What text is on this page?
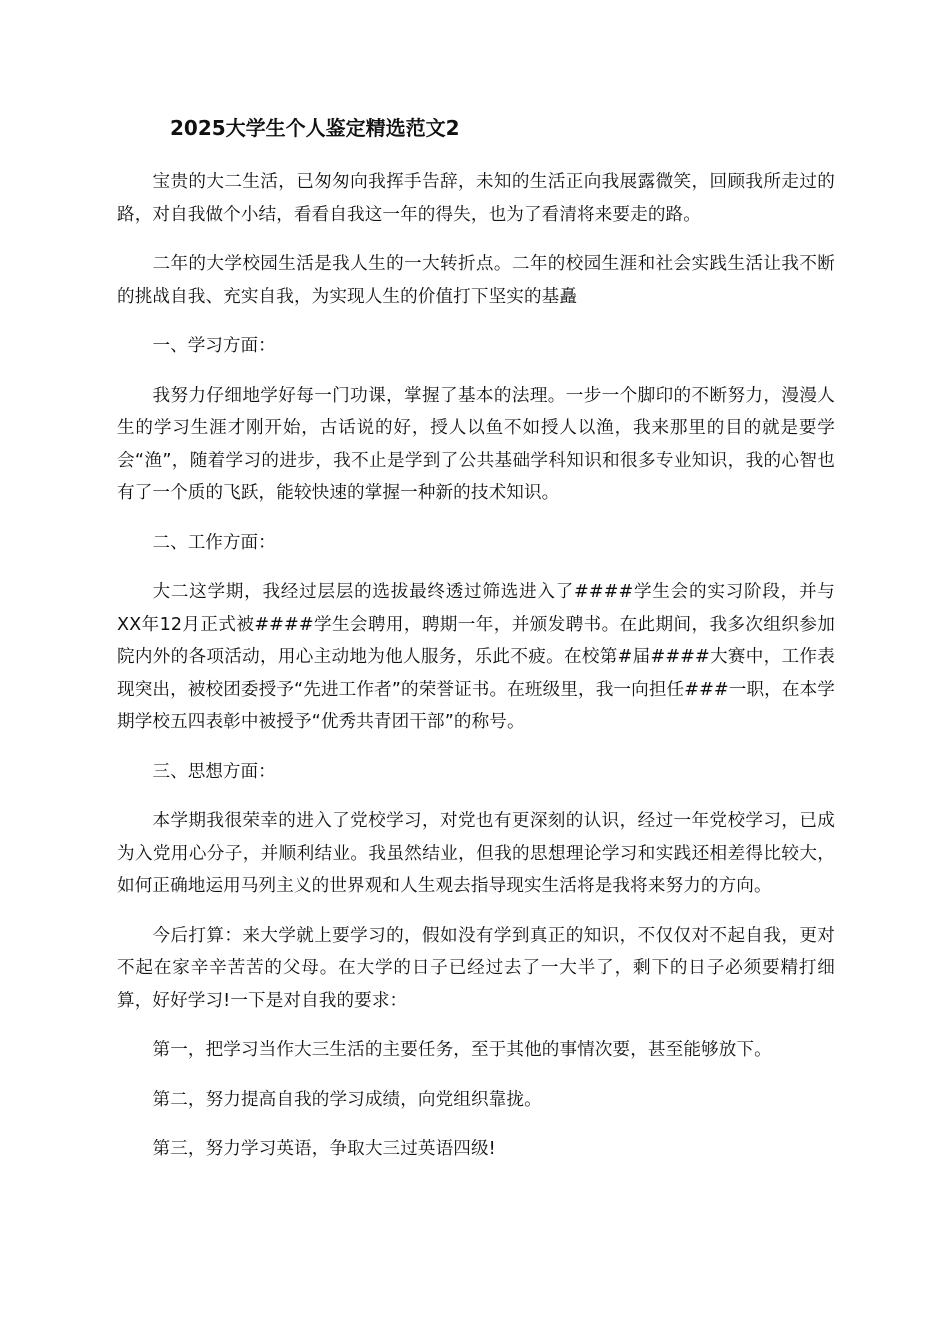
2025大学生个人鉴定精选范文2

宝贵的大二生活，已匆匆向我挥手告辞，未知的生活正向我展露微笑，回顾我所走过的路，对自我做个小结，看看自我这一年的得失，也为了看清将来要走的路。

二年的大学校园生活是我人生的一大转折点。二年的校园生涯和社会实践生活让我不断的挑战自我、充实自我，为实现人生的价值打下坚实的基矗

一、学习方面：

我努力仔细地学好每一门功课，掌握了基本的法理。一步一个脚印的不断努力，漫漫人生的学习生涯才刚开始，古话说的好，授人以鱼不如授人以渔，我来那里的目的就是要学会“渔”，随着学习的进步，我不止是学到了公共基础学科知识和很多专业知识，我的心智也有了一个质的飞跃，能较快速的掌握一种新的技术知识。

二、工作方面：

大二这学期，我经过层层的选拔最终透过筛选进入了####学生会的实习阶段，并与XX年12月正式被####学生会聘用，聘期一年，并颁发聘书。在此期间，我多次组织参加院内外的各项活动，用心主动地为他人服务，乐此不疲。在校第#届####大赛中，工作表现突出，被校团委授予“先进工作者”的荣誉证书。在班级里，我一向担任###一职，在本学期学校五四表彰中被授予“优秀共青团干部”的称号。

三、思想方面：

本学期我很荣幸的进入了党校学习，对党也有更深刻的认识，经过一年党校学习，已成为入党用心分子，并顺利结业。我虽然结业，但我的思想理论学习和实践还相差得比较大，如何正确地运用马列主义的世界观和人生观去指导现实生活将是我将来努力的方向。

今后打算：来大学就上要学习的，假如没有学到真正的知识，不仅仅对不起自我，更对不起在家辛辛苦苦的父母。在大学的日子已经过去了一大半了，剩下的日子必须要精打细算，好好学习!一下是对自我的要求：

第一，把学习当作大三生活的主要任务，至于其他的事情次要，甚至能够放下。

第二，努力提高自我的学习成绩，向党组织靠拢。

第三，努力学习英语，争取大三过英语四级!
